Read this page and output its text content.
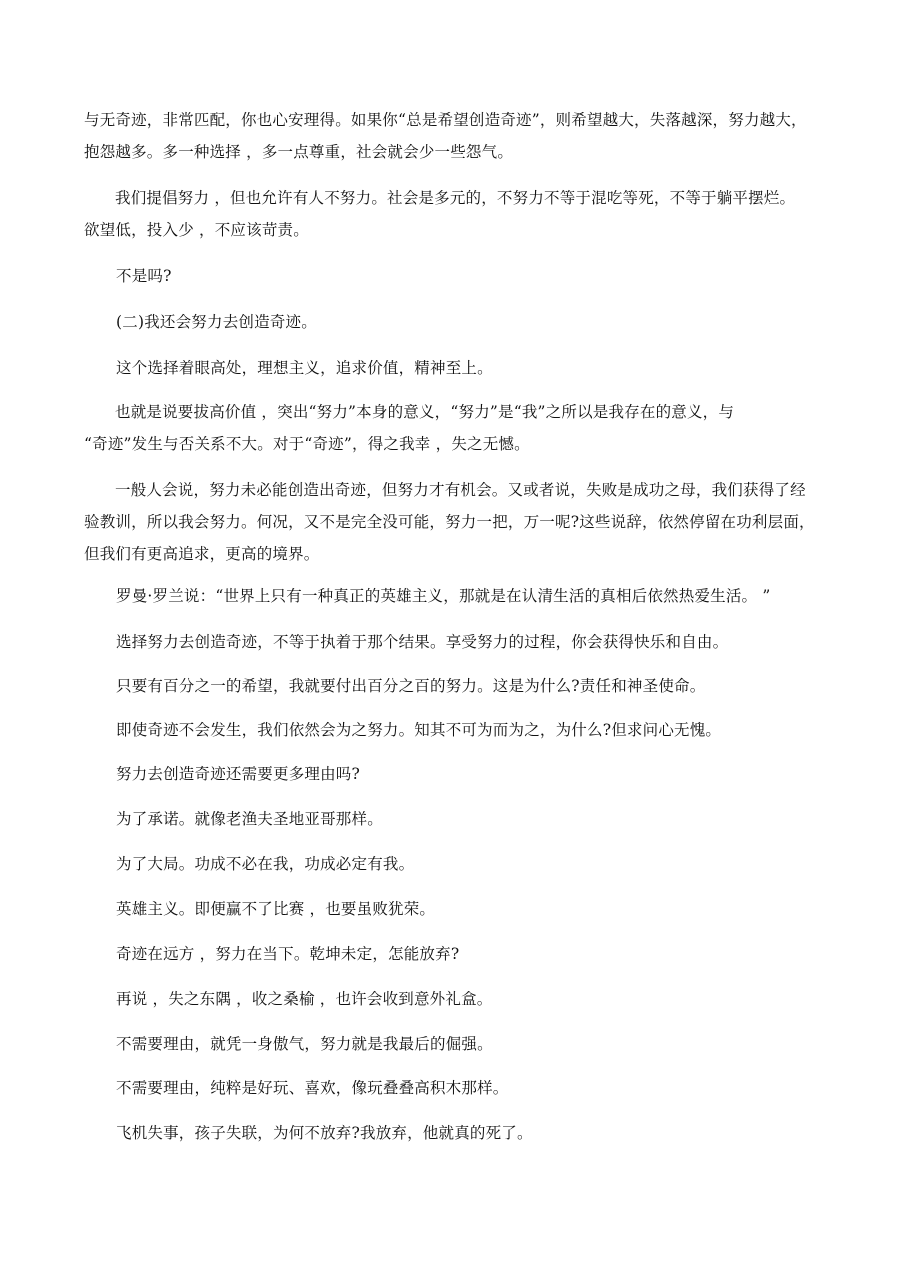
与无奇迹，非常匹配，你也心安理得。如果你“总是希望创造奇迹”，则希望越大，失落越深，努力越大，
抱怨越多。多一种选择 ，多一点尊重，社会就会少一些怨气。
我们提倡努力 ，但也允许有人不努力。社会是多元的，不努力不等于混吃等死，不等于躺平摆烂。
欲望低，投入少 ，不应该苛责。
不是吗?
(二)我还会努力去创造奇迹。
这个选择着眼高处，理想主义，追求价值，精神至上。
也就是说要拔高价值 ，突出“努力”本身的意义，“努力”是“我”之所以是我存在的意义，与
“奇迹”发生与否关系不大。对于“奇迹”，得之我幸 ，失之无憾。
一般人会说，努力未必能创造出奇迹，但努力才有机会。又或者说，失败是成功之母，我们获得了经
验教训，所以我会努力。何况，又不是完全没可能，努力一把，万一呢?这些说辞，依然停留在功利层面，
但我们有更高追求，更高的境界。
罗曼·罗兰说：“世界上只有一种真正的英雄主义，那就是在认清生活的真相后依然热爱生活。 ”
选择努力去创造奇迹，不等于执着于那个结果。享受努力的过程，你会获得快乐和自由。
只要有百分之一的希望，我就要付出百分之百的努力。这是为什么?责任和神圣使命。
即使奇迹不会发生，我们依然会为之努力。知其不可为而为之，为什么?但求问心无愧。
努力去创造奇迹还需要更多理由吗?
为了承诺。就像老渔夫圣地亚哥那样。
为了大局。功成不必在我，功成必定有我。
英雄主义。即便赢不了比赛 ，也要虽败犹荣。
奇迹在远方 ，努力在当下。乾坤未定，怎能放弃?
再说 ，失之东隅 ，收之桑榆 ，也许会收到意外礼盒。
不需要理由，就凭一身傲气，努力就是我最后的倔强。
不需要理由，纯粹是好玩、喜欢，像玩叠叠高积木那样。
飞机失事，孩子失联，为何不放弃?我放弃，他就真的死了。
